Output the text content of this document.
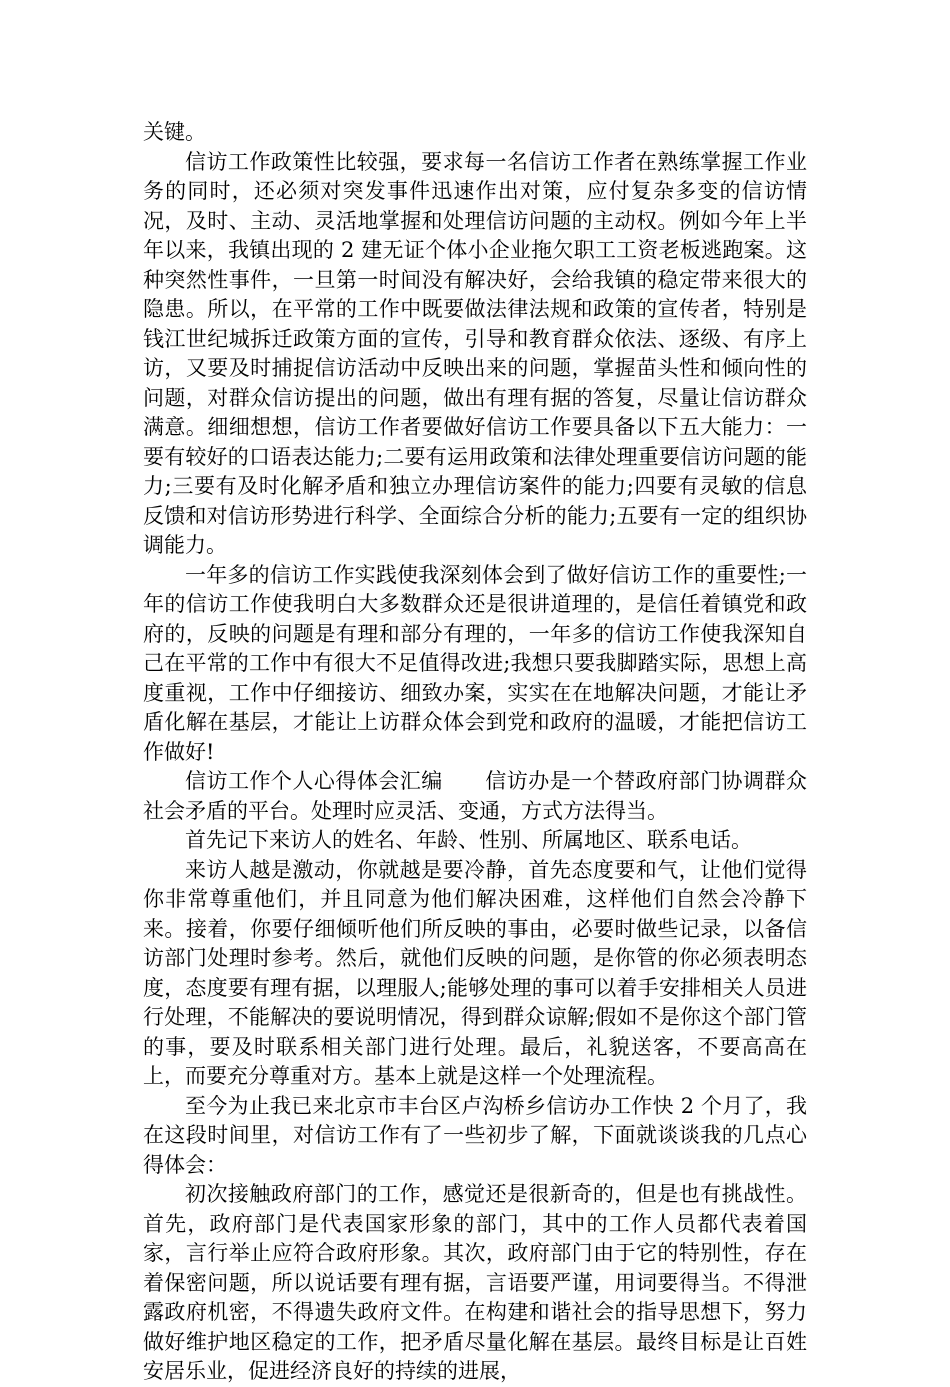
关键。

信访工作政策性比较强，要求每一名信访工作者在熟练掌握工作业务的同时，还必须对突发事件迅速作出对策，应付复杂多变的信访情况，及时、主动、灵活地掌握和处理信访问题的主动权。例如今年上半年以来，我镇出现的 2 建无证个体小企业拖欠职工工资老板逃跑案。这种突然性事件，一旦第一时间没有解决好，会给我镇的稳定带来很大的隐患。所以，在平常的工作中既要做法律法规和政策的宣传者，特别是钱江世纪城拆迁政策方面的宣传，引导和教育群众依法、逐级、有序上访，又要及时捕捉信访活动中反映出来的问题，掌握苗头性和倾向性的问题，对群众信访提出的问题，做出有理有据的答复，尽量让信访群众满意。细细想想，信访工作者要做好信访工作要具备以下五大能力：一要有较好的口语表达能力;二要有运用政策和法律处理重要信访问题的能力;三要有及时化解矛盾和独立办理信访案件的能力;四要有灵敏的信息反馈和对信访形势进行科学、全面综合分析的能力;五要有一定的组织协调能力。

一年多的信访工作实践使我深刻体会到了做好信访工作的重要性;一年的信访工作使我明白大多数群众还是很讲道理的，是信任着镇党和政府的，反映的问题是有理和部分有理的，一年多的信访工作使我深知自己在平常的工作中有很大不足值得改进;我想只要我脚踏实际，思想上高度重视，工作中仔细接访、细致办案，实实在在地解决问题，才能让矛盾化解在基层，才能让上访群众体会到党和政府的温暖，才能把信访工作做好!

信访工作个人心得体会汇编 信访办是一个替政府部门协调群众社会矛盾的平台。处理时应灵活、变通，方式方法得当。

首先记下来访人的姓名、年龄、性别、所属地区、联系电话。

来访人越是激动，你就越是要冷静，首先态度要和气，让他们觉得你非常尊重他们，并且同意为他们解决困难，这样他们自然会冷静下来。接着，你要仔细倾听他们所反映的事由，必要时做些记录，以备信访部门处理时参考。然后，就他们反映的问题，是你管的你必须表明态度，态度要有理有据，以理服人;能够处理的事可以着手安排相关人员进行处理，不能解决的要说明情况，得到群众谅解;假如不是你这个部门管的事，要及时联系相关部门进行处理。最后，礼貌送客，不要高高在上，而要充分尊重对方。基本上就是这样一个处理流程。

至今为止我已来北京市丰台区卢沟桥乡信访办工作快 2 个月了，我在这段时间里，对信访工作有了一些初步了解，下面就谈谈我的几点心得体会：

初次接触政府部门的工作，感觉还是很新奇的，但是也有挑战性。首先，政府部门是代表国家形象的部门，其中的工作人员都代表着国家，言行举止应符合政府形象。其次，政府部门由于它的特别性，存在着保密问题，所以说话要有理有据，言语要严谨，用词要得当。不得泄露政府机密，不得遗失政府文件。在构建和谐社会的指导思想下，努力做好维护地区稳定的工作，把矛盾尽量化解在基层。最终目标是让百姓安居乐业，促进经济良好的持续的进展，
